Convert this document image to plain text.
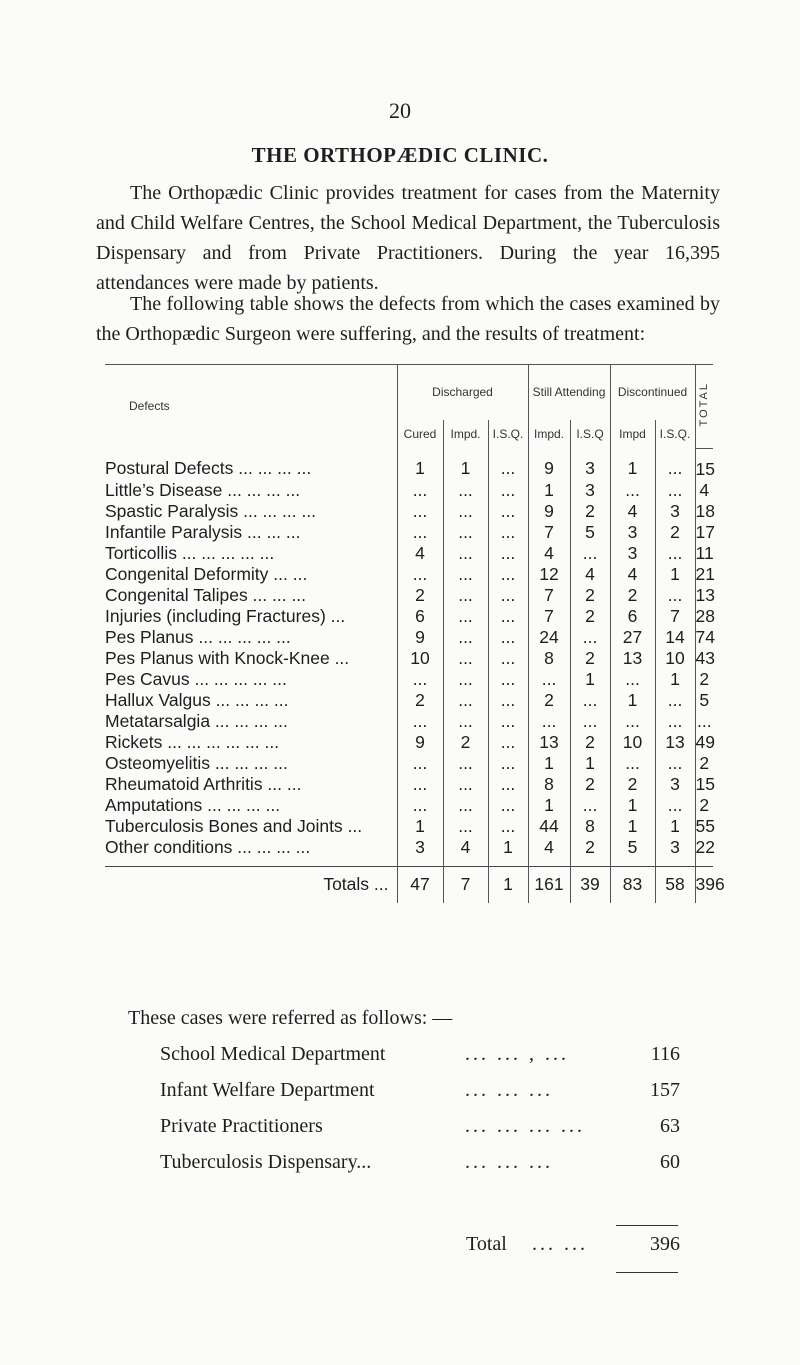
20
THE ORTHOPÆDIC CLINIC.

The Orthopædic Clinic provides treatment for cases from the Maternity and Child Welfare Centres, the School Medical Department, the Tuberculosis Dispensary and from Private Practitioners. During the year 16,395 attendances were made by patients.

The following table shows the defects from which the cases examined by the Orthopædic Surgeon were suffering, and the results of treatment:

Defects	Discharged			Still Attending		Discontinued		TOTAL	
	Cured	Impd.	I.S.Q.	Impd.	I.S.Q	Impd	I.S.Q.		
Postural Defects ... ... ... ...	1	1	...	9	3	1	...	15	
Little’s Disease ... ... ... ...	...	...	...	1	3	...	...	4	
Spastic Paralysis ... ... ... ...	...	...	...	9	2	4	3	18	
Infantile Paralysis ... ... ...	...	...	...	7	5	3	2	17	
Torticollis ... ... ... ... ...	4	...	...	4	...	3	...	11	
Congenital Deformity ... ...	...	...	...	12	4	4	1	21	
Congenital Talipes ... ... ...	2	...	...	7	2	2	...	13	
Injuries (including Fractures) ...	6	...	...	7	2	6	7	28	
Pes Planus ... ... ... ... ...	9	...	...	24	...	27	14	74	
Pes Planus with Knock-Knee ...	10	...	...	8	2	13	10	43	
Pes Cavus ... ... ... ... ...	...	...	...	...	1	...	1	2	
Hallux Valgus ... ... ... ...	2	...	...	2	...	1	...	5	
Metatarsalgia ... ... ... ...	...	...	...	...	...	...	...	...	
Rickets ... ... ... ... ... ...	9	2	...	13	2	10	13	49	
Osteomyelitis ... ... ... ...	...	...	...	1	1	...	...	2	
Rheumatoid Arthritis ... ...	...	...	...	8	2	2	3	15	
Amputations ... ... ... ...	...	...	...	1	...	1	...	2	
Tuberculosis Bones and Joints ...	1	...	...	44	8	1	1	55	
Other conditions ... ... ... ...	3	4	1	4	2	5	3	22	
Totals ...	47	7	1	161	39	83	58	396	
These cases were referred as follows: —
School Medical Department	... ... , ...	116
Infant Welfare Department	... ... ...	157
Private Practitioners	... ... ... ...	63
Tuberculosis Dispensary...	... ... ...	60
Total ... ...	396
